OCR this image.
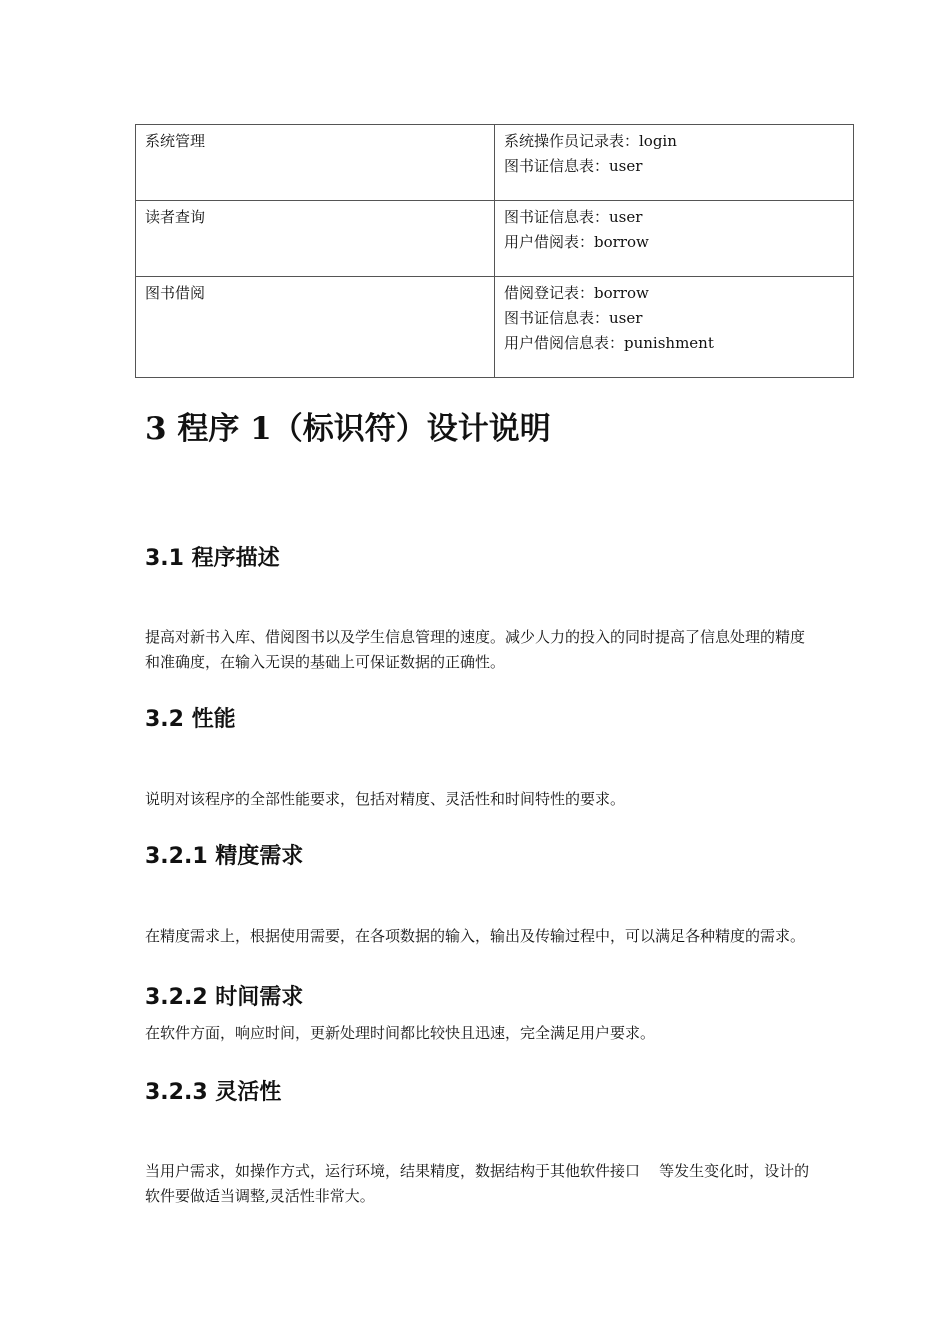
系统管理	系统操作员记录表：login
图书证信息表：user

读者查询	图书证信息表：user
用户借阅表：borrow

图书借阅	借阅登记表：borrow
图书证信息表：user
用户借阅信息表：punishment
3 程序 1（标识符）设计说明
3.1 程序描述

提高对新书入库、借阅图书以及学生信息管理的速度。减少人力的投入的同时提高了信息处理的精度和准确度，在输入无误的基础上可保证数据的正确性。

3.2 性能

说明对该程序的全部性能要求，包括对精度、灵活性和时间特性的要求。

3.2.1 精度需求

在精度需求上，根据使用需要，在各项数据的输入，输出及传输过程中，可以满足各种精度的需求。

3.2.2 时间需求

在软件方面，响应时间，更新处理时间都比较快且迅速，完全满足用户要求。

3.2.3 灵活性

当用户需求，如操作方式，运行环境，结果精度，数据结构于其他软件接口    等发生变化时，设计的软件要做适当调整,灵活性非常大。
